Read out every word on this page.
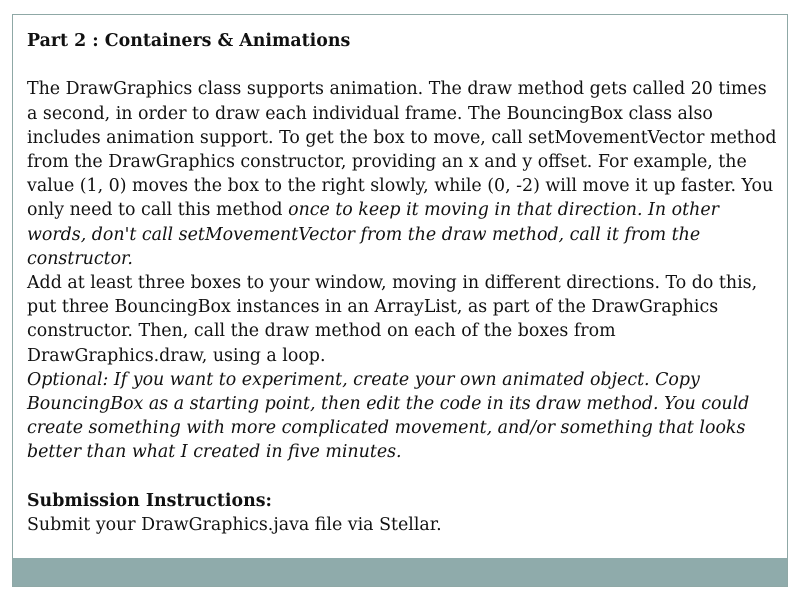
Part 2 : Containers & Animations

The DrawGraphics class supports animation. The draw method gets called 20 times a second, in order to draw each individual frame. The BouncingBox class also includes animation support. To get the box to move, call setMovementVector method from the DrawGraphics constructor, providing an x and y offset. For example, the value (1, 0) moves the box to the right slowly, while (0, -2) will move it up faster. You only need to call this method once to keep it moving in that direction. In other words, don't call setMovementVector from the draw method, call it from the constructor.

Add at least three boxes to your window, moving in different directions. To do this, put three BouncingBox instances in an ArrayList, as part of the DrawGraphics constructor. Then, call the draw method on each of the boxes from DrawGraphics.draw, using a loop.

Optional: If you want to experiment, create your own animated object. Copy BouncingBox as a starting point, then edit the code in its draw method. You could create something with more complicated movement, and/or something that looks better than what I created in five minutes.

Submission Instructions:

Submit your DrawGraphics.java file via Stellar.
